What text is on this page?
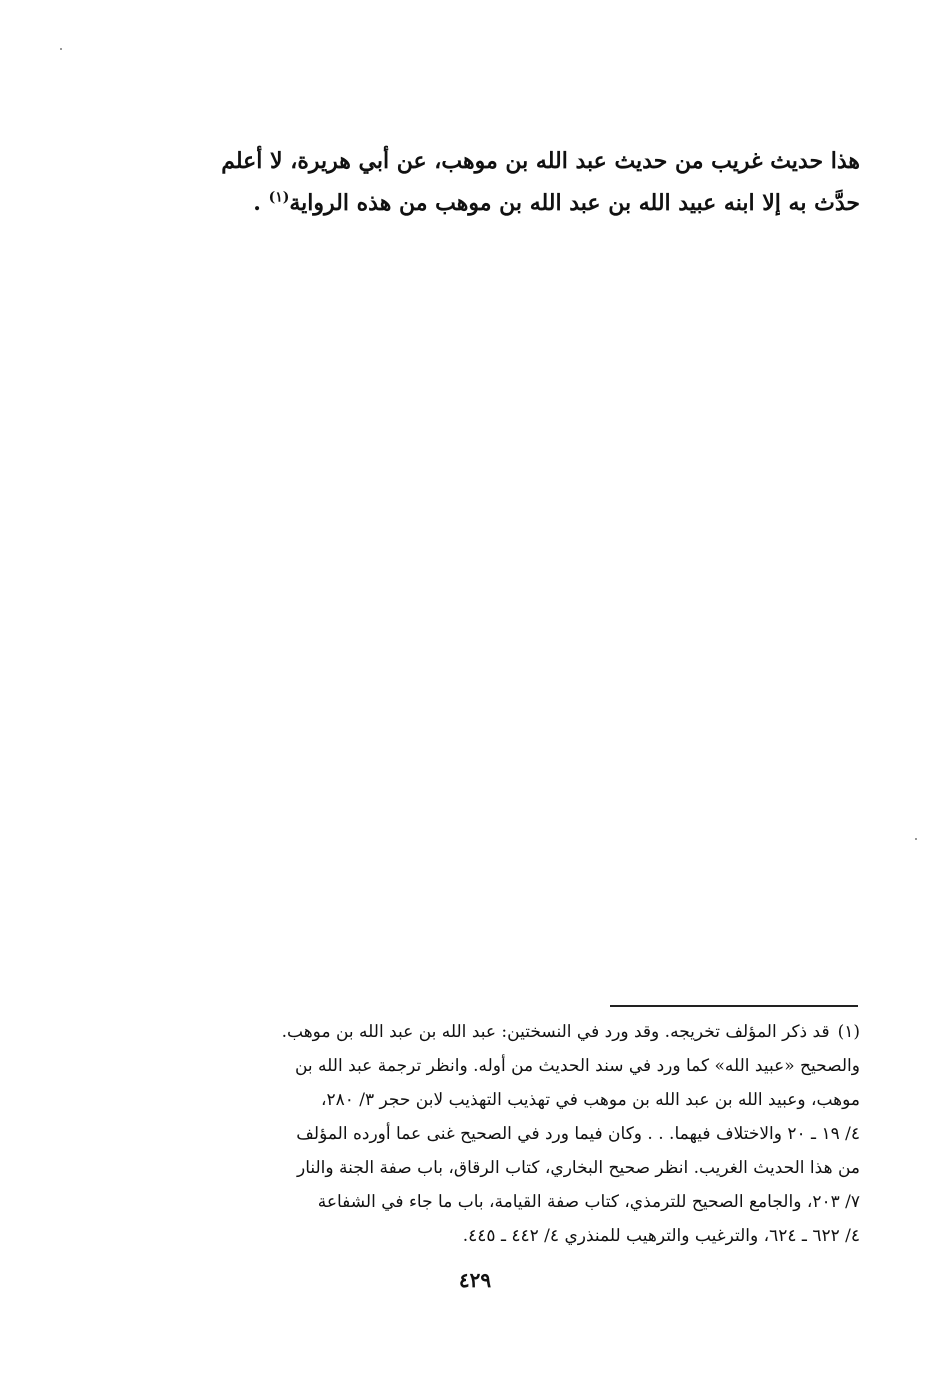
هذا حديث غريب من حديث عبد الله بن موهب، عن أبي هريرة، لا أعلم
حدَّث به إلا ابنه عبيد الله بن عبد الله بن موهب من هذه الرواية$^{(١)}$ .
(١)قد ذكر المؤلف تخريجه. وقد ورد في النسختين: عبد الله بن عبد الله بن موهب.
والصحيح «عبيد الله» كما ورد في سند الحديث من أوله. وانظر ترجمة عبد الله بن
موهب، وعبيد الله بن عبد الله بن موهب في تهذيب التهذيب لابن حجر ٣/ ٢٨٠،
٤/ ١٩ ـ ٢٠ والاختلاف فيهما. . . وكان فيما ورد في الصحيح غنى عما أورده المؤلف
من هذا الحديث الغريب. انظر صحيح البخاري، كتاب الرقاق، باب صفة الجنة والنار
٧/ ٢٠٣، والجامع الصحيح للترمذي، كتاب صفة القيامة، باب ما جاء في الشفاعة
٤/ ٦٢٢ ـ ٦٢٤، والترغيب والترهيب للمنذري ٤/ ٤٤٢ ـ ٤٤٥.
٤٢٩
